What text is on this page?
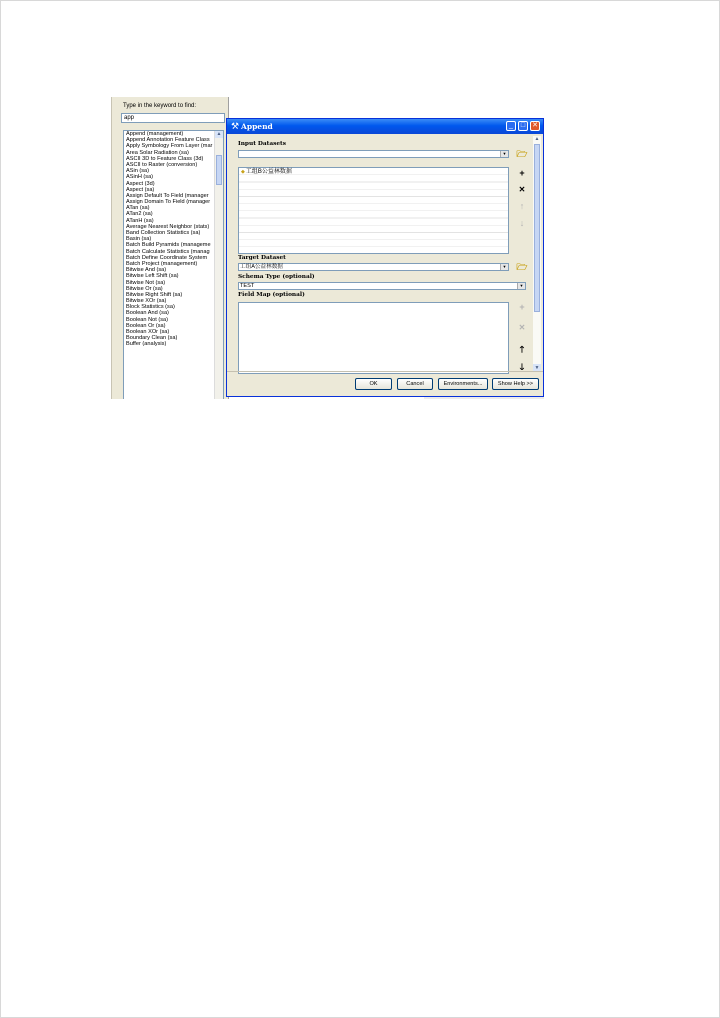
Type in the keyword to find:
app
Append (management)
Append Annotation Feature Class
Apply Symbology From Layer (mar
Area Solar Radiation (sa)
ASCII 3D to Feature Class (3d)
ASCII to Raster (conversion)
ASin (sa)
ASinH (sa)
Aspect (3d)
Aspect (sa)
Assign Default To Field (manager
Assign Domain To Field (manager
ATan (sa)
ATan2 (sa)
ATanH (sa)
Average Nearest Neighbor (stats)
Band Collection Statistics (sa)
Basin (sa)
Batch Build Pyramids (manageme
Batch Calculate Statistics (manag
Batch Define Coordinate System
Batch Project (management)
Bitwise And (sa)
Bitwise Left Shift (sa)
Bitwise Not (sa)
Bitwise Or (sa)
Bitwise Right Shift (sa)
Bitwise XOr (sa)
Block Statistics (sa)
Boolean And (sa)
Boolean Not (sa)
Boolean Or (sa)
Boolean XOr (sa)
Boundary Clean (sa)
Buffer (analysis)
▲
⚒ Append	_	□ ✕
Input Datasets
▼ 🗁
◆工组B公益林数据	+
✕
↑
↓
Target Dataset
工组A公益林数据	▼ 🗁
Schema Type (optional)
TEST	▼
Field Map (optional)
+
✕
🡑
🡓
▲
▼
OK	Cancel	Environments...	Show Help >>
